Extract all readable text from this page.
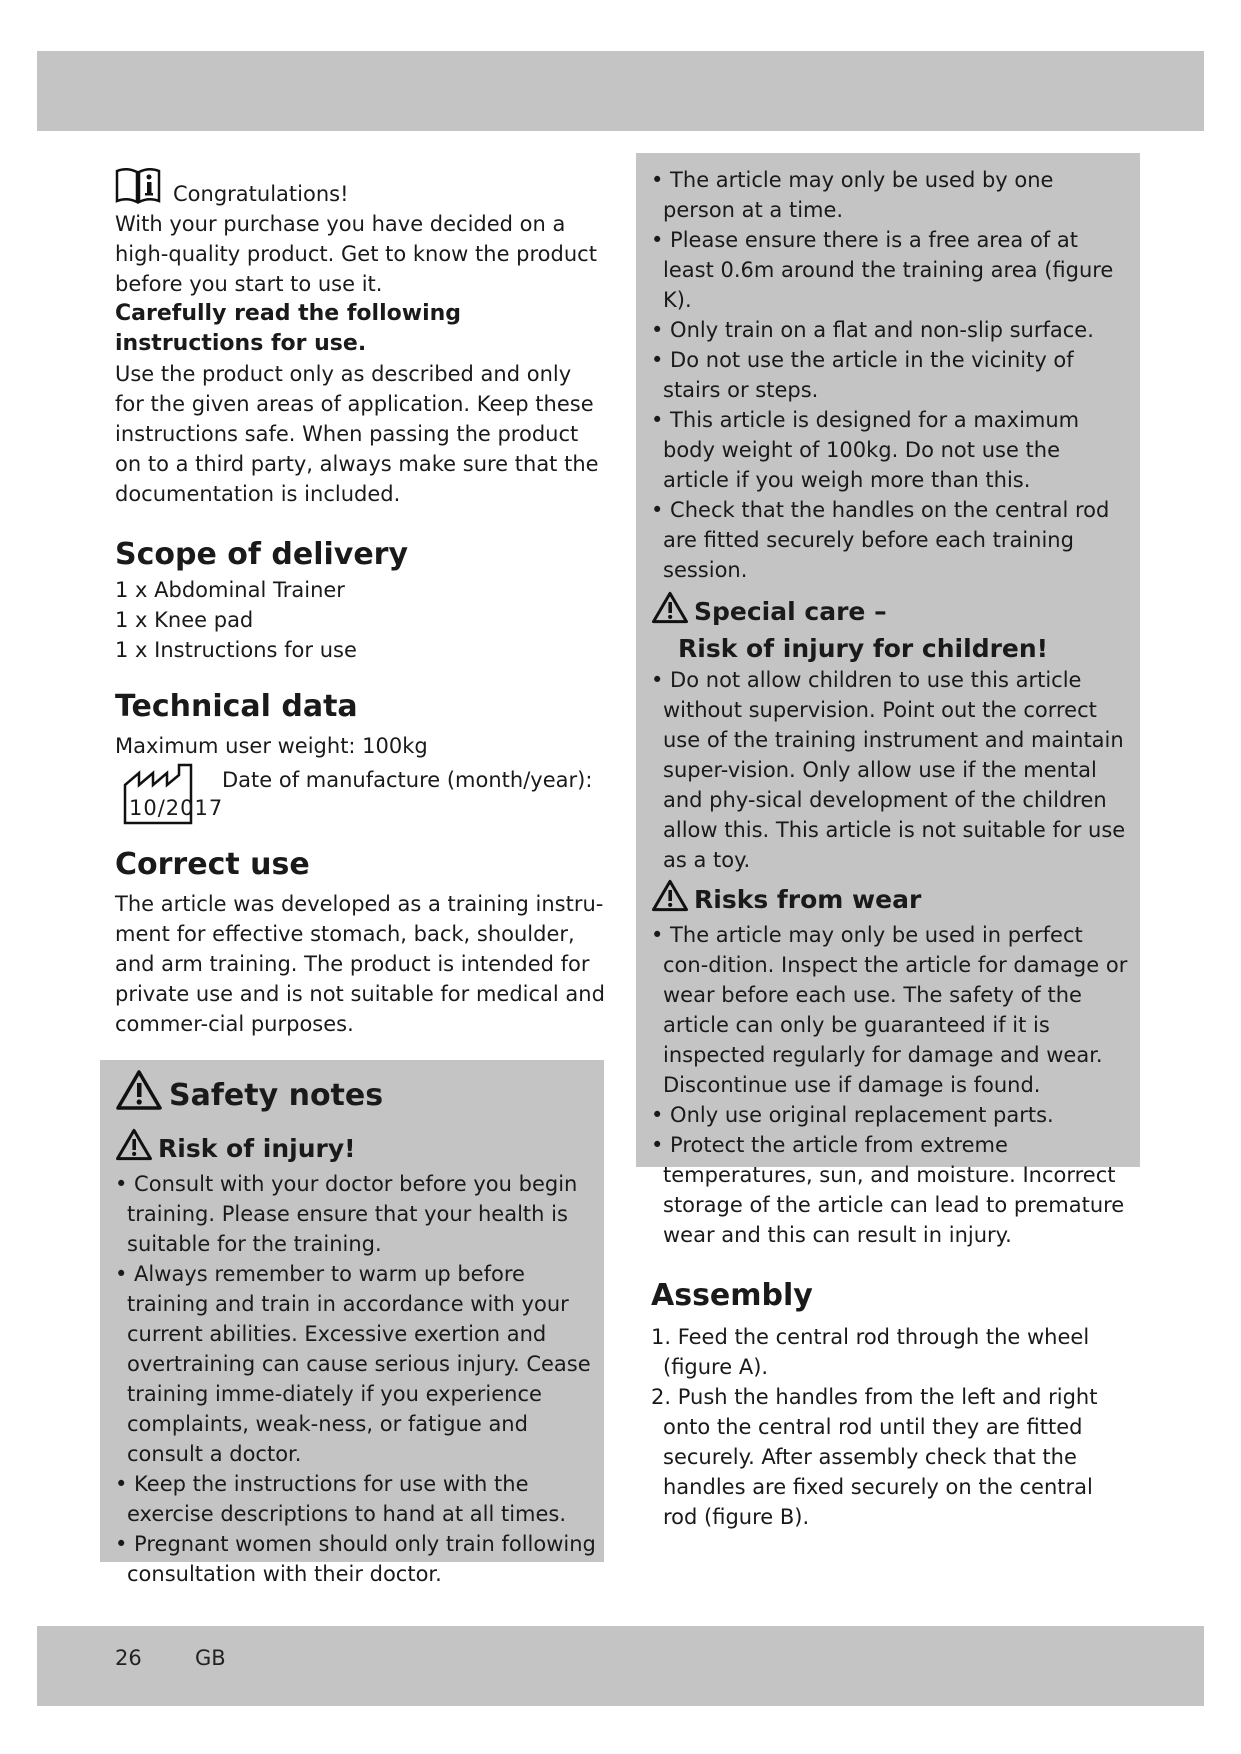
26	GB

Congratulations!

With your purchase you have decided on a high-quality product. Get to know the product before you start to use it.

Carefully read the following instructions for use.

Use the product only as described and only for the given areas of application. Keep these instructions safe. When passing the product on to a third party, always make sure that the documentation is included.

Scope of delivery

1 x Abdominal Trainer

1 x Knee pad

1 x Instructions for use

Technical data

Maximum user weight: 100kg

Date of manufacture (month/year):
10/2017
Correct use

The article was developed as a training instru-ment for effective stomach, back, shoulder, and arm training. The product is intended for private use and is not suitable for medical and commer-cial purposes.

Safety notes
Risk of injury!

• Consult with your doctor before you begin training. Please ensure that your health is suitable for the training.

• Always remember to warm up before training and train in accordance with your current abilities. Excessive exertion and overtraining can cause serious injury. Cease training imme-diately if you experience complaints, weak-ness, or fatigue and consult a doctor.

• Keep the instructions for use with the exercise descriptions to hand at all times.

• Pregnant women should only train following consultation with their doctor.

• The article may only be used by one person at a time.

• Please ensure there is a free area of at least 0.6m around the training area (figure K).

• Only train on a flat and non-slip surface.

• Do not use the article in the vicinity of stairs or steps.

• This article is designed for a maximum body weight of 100kg. Do not use the article if you weigh more than this.

• Check that the handles on the central rod are fitted securely before each training session.

Special care –
Risk of injury for children!

• Do not allow children to use this article without supervision. Point out the correct use of the training instrument and maintain super-vision. Only allow use if the mental and phy-sical development of the children allow this. This article is not suitable for use as a toy.

Risks from wear

• The article may only be used in perfect con-dition. Inspect the article for damage or wear before each use. The safety of the article can only be guaranteed if it is inspected regularly for damage and wear. Discontinue use if damage is found.

• Only use original replacement parts.

• Protect the article from extreme temperatures, sun, and moisture. Incorrect storage of the article can lead to premature wear and this can result in injury.

Assembly

1. Feed the central rod through the wheel (figure A).

2. Push the handles from the left and right onto the central rod until they are fitted securely. After assembly check that the handles are fixed securely on the central rod (figure B).
